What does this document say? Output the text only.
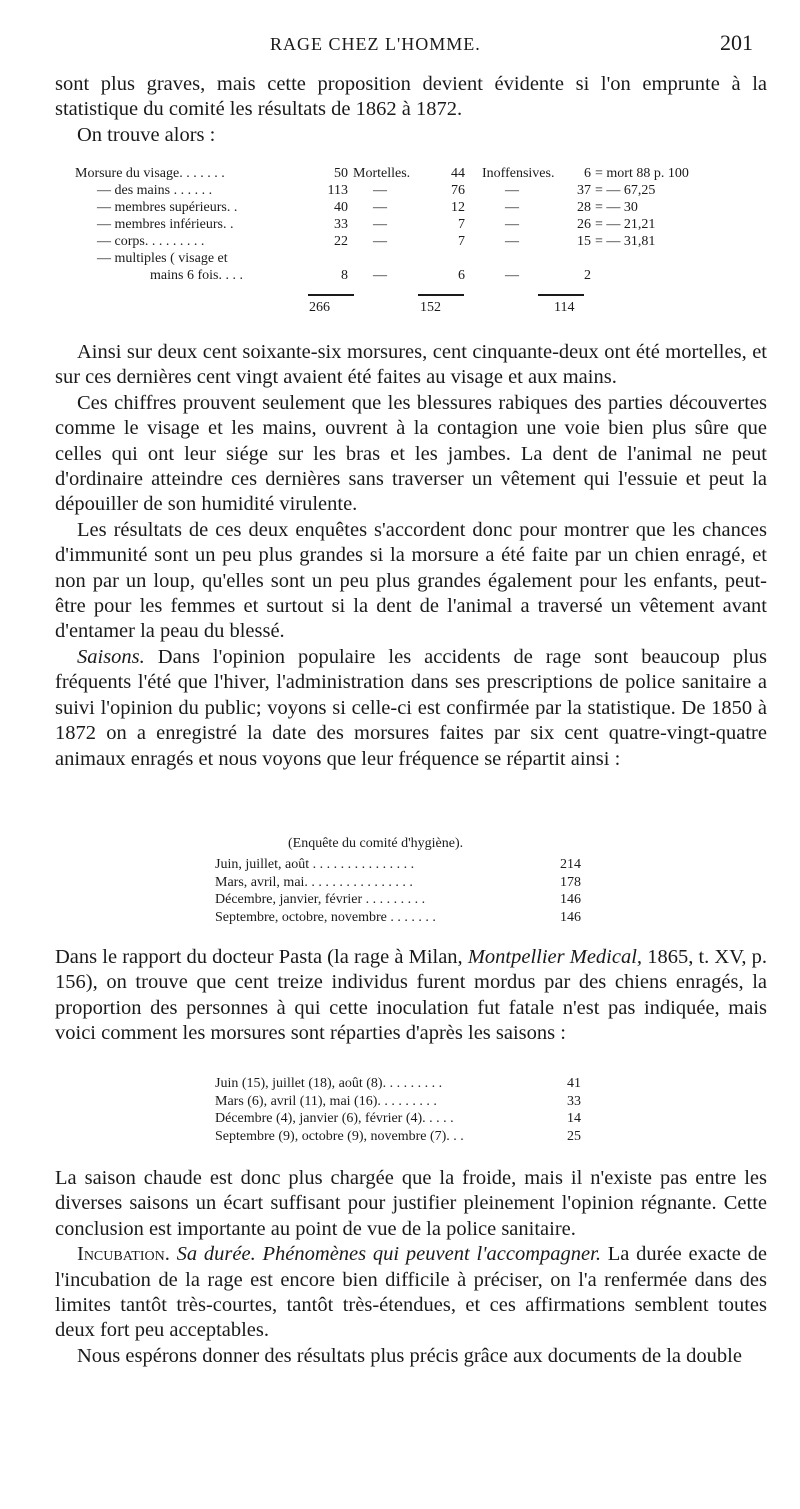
RAGE CHEZ L'HOMME.	201

sont plus graves, mais cette proposition devient évidente si l'on emprunte à la statistique du comité les résultats de 1862 à 1872.

On trouve alors :

Morsure du visage. . . . . . .	50 Mortelles.	44 Inoffensives.	6 = mort 88 p. 100
— des mains . . . . . .	113 —	76	—	37 = — 67,25
— membres supérieurs. .	40 —	12	—	28 = — 30
— membres inférieurs. .	33 —	7	—	26 = — 21,21
— corps. . . . . . . . .	22 —	7	—	15 = — 31,81
— multiples ( visage et
mains 6 fois. . . .	8 —	6	—	2
266	152	114

Ainsi sur deux cent soixante-six morsures, cent cinquante-deux ont été mortelles, et sur ces dernières cent vingt avaient été faites au visage et aux mains.

Ces chiffres prouvent seulement que les blessures rabiques des parties découvertes comme le visage et les mains, ouvrent à la contagion une voie bien plus sûre que celles qui ont leur siége sur les bras et les jambes. La dent de l'animal ne peut d'ordinaire atteindre ces dernières sans traverser un vêtement qui l'essuie et peut la dépouiller de son humidité virulente.

Les résultats de ces deux enquêtes s'accordent donc pour montrer que les chances d'immunité sont un peu plus grandes si la morsure a été faite par un chien enragé, et non par un loup, qu'elles sont un peu plus grandes également pour les enfants, peut-être pour les femmes et surtout si la dent de l'animal a traversé un vêtement avant d'entamer la peau du blessé.

Saisons. Dans l'opinion populaire les accidents de rage sont beaucoup plus fréquents l'été que l'hiver, l'administration dans ses prescriptions de police sanitaire a suivi l'opinion du public; voyons si celle-ci est confirmée par la statistique. De 1850 à 1872 on a enregistré la date des morsures faites par six cent quatre-vingt-quatre animaux enragés et nous voyons que leur fréquence se répartit ainsi :

(Enquête du comité d'hygiène).
Juin, juillet, août . . . . . . . . . . . . . . .	214
Mars, avril, mai. . . . . . . . . . . . . . . .	178
Décembre, janvier, février . . . . . . . . .	146
Septembre, octobre, novembre . . . . . . .	146

Dans le rapport du docteur Pasta (la rage à Milan, Montpellier Medical, 1865, t. XV, p. 156), on trouve que cent treize individus furent mordus par des chiens enragés, la proportion des personnes à qui cette inoculation fut fatale n'est pas indiquée, mais voici comment les morsures sont réparties d'après les saisons :

Juin (15), juillet (18), août (8). . . . . . . . .	41
Mars (6), avril (11), mai (16). . . . . . . . .	33
Décembre (4), janvier (6), février (4). . . . .	14
Septembre (9), octobre (9), novembre (7). . .	25

La saison chaude est donc plus chargée que la froide, mais il n'existe pas entre les diverses saisons un écart suffisant pour justifier pleinement l'opinion régnante. Cette conclusion est importante au point de vue de la police sanitaire.

Incubation. Sa durée. Phénomènes qui peuvent l'accompagner. La durée exacte de l'incubation de la rage est encore bien difficile à préciser, on l'a renfermée dans des limites tantôt très-courtes, tantôt très-étendues, et ces affirmations semblent toutes deux fort peu acceptables.

Nous espérons donner des résultats plus précis grâce aux documents de la double
